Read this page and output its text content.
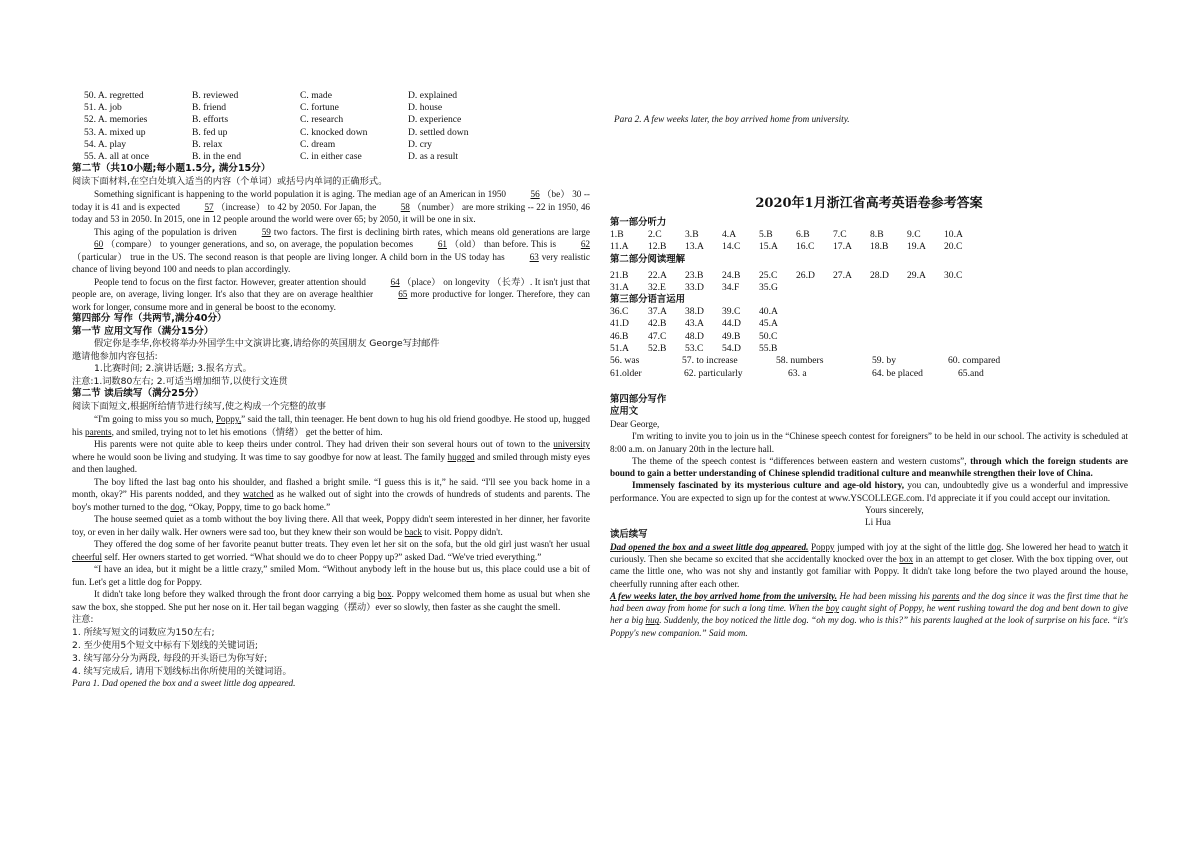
50. A. regretted	B. reviewed	C. made	D. explained
51. A. job	B. friend	C. fortune	D. house
52. A. memories	B. efforts	C. research	D. experience
53. A. mixed up	B. fed up	C. knocked down	D. settled down
54. A. play	B. relax	C. dream	D. cry
55. A. all at once	B. in the end	C. in either case	D. as a result

第二节（共10小题;每小题1.5分, 满分15分）

阅读下面材料,在空白处填入适当的内容（个单词）或括号内单词的正确形式。

Something significant is happening to the world population it is aging. The median age of an American in 1950 56 （be） 30 -- today it is 41 and is expected 57 （increase） to 42 by 2050. For Japan, the 58 （number） are more striking -- 22 in 1950, 46 today and 53 in 2050. In 2015, one in 12 people around the world were over 65; by 2050, it will be one in six.

This aging of the population is driven 59 two factors. The first is declining birth rates, which means old generations are large 60 （compare） to younger generations, and so, on average, the population becomes 61 （old） than before. This is 62 （particular） true in the US. The second reason is that people are living longer. A child born in the US today has 63 very realistic chance of living beyond 100 and needs to plan accordingly.

People tend to focus on the first factor. However, greater attention should 64 （place） on longevity （长寿）. It isn't just that people are, on average, living longer. It's also that they are on average healthier 65 more productive for longer. Therefore, they can work for longer, consume more and in general be boost to the economy.

第四部分 写作（共两节,满分40分）

第一节 应用文写作（满分15分）

假定你是李华,你校将举办外国学生中文演讲比赛,请给你的英国朋友 George写封邮件

邀请他参加内容包括:

1.比赛时间; 2.演讲话题; 3.报名方式。

注意:1.词数80左右; 2.可适当增加细节,以使行文连贯

第二节 读后续写（满分25分）

阅读下面短文,根据所给情节进行续写,使之构成一个完整的故事

“I'm going to miss you so much, Poppy,” said the tall, thin teenager. He bent down to hug his old friend goodbye. He stood up, hugged his parents, and smiled, trying not to let his emotions（情绪） get the better of him.

His parents were not quite able to keep theirs under control. They had driven their son several hours out of town to the university where he would soon be living and studying. It was time to say goodbye for now at least. The family hugged and smiled through misty eyes and then laughed.

The boy lifted the last bag onto his shoulder, and flashed a bright smile. “I guess this is it,” he said. “I'll see you back home in a month, okay?” His parents nodded, and they watched as he walked out of sight into the crowds of hundreds of students and parents. The boy's mother turned to the dog, “Okay, Poppy, time to go back home.”

The house seemed quiet as a tomb without the boy living there. All that week, Poppy didn't seem interested in her dinner, her favorite toy, or even in her daily walk. Her owners were sad too, but they knew their son would be back to visit. Poppy didn't.

They offered the dog some of her favorite peanut butter treats. They even let her sit on the sofa, but the old girl just wasn't her usual cheerful self. Her owners started to get worried. “What should we do to cheer Poppy up?” asked Dad. “We've tried everything.”

“I have an idea, but it might be a little crazy,” smiled Mom. “Without anybody left in the house but us, this place could use a bit of fun. Let's get a little dog for Poppy.

It didn't take long before they walked through the front door carrying a big box. Poppy welcomed them home as usual but when she saw the box, she stopped. She put her nose on it. Her tail began wagging（摆动）ever so slowly, then faster as she caught the smell.

注意:

1. 所续写短文的词数应为150左右;

2. 至少使用5个短文中标有下划线的关键词语;

3. 续写部分分为两段, 每段的开头语已为你写好;

4. 续写完成后, 请用下划线标出你所使用的关键词语。

Para 1. Dad opened the box and a sweet little dog appeared.

Para 2. A few weeks later, the boy arrived home from university.

2020年1月浙江省高考英语卷参考答案

第一部分听力

1.B	2.C	3.B	4.A	5.B	6.B	7.C	8.B	9.C	10.A
11.A	12.B	13.A	14.C	15.A	16.C	17.A	18.B	19.A	20.C

第二部分阅读理解

21.B	22.A	23.B	24.B	25.C	26.D	27.A	28.D	29.A	30.C
31.A	32.E	33.D	34.F	35.G

第三部分语言运用

36.C	37.A	38.D	39.C	40.A
41.D	42.B	43.A	44.D	45.A
46.B	47.C	48.D	49.B	50.C
51.A	52.B	53.C	54.D	55.B
56. was	57. to increase	58. numbers	59. by	60. compared
61.older	62. particularly	63. a	64. be placed	65.and

第四部分写作

应用文

Dear George,

I'm writing to invite you to join us in the “Chinese speech contest for foreigners” to be held in our school. The activity is scheduled at 8:00 a.m. on January 20th in the lecture hall.

The theme of the speech contest is “differences between eastern and western customs”, through which the foreign students are bound to gain a better understanding of Chinese splendid traditional culture and meanwhile strengthen their love of China.

Immensely fascinated by its mysterious culture and age-old history, you can, undoubtedly give us a wonderful and impressive performance. You are expected to sign up for the contest at www.YSCOLLEGE.com. I'd appreciate it if you could accept our invitation.

Yours sincerely,

Li Hua

读后续写

Dad opened the box and a sweet little dog appeared. Poppy jumped with joy at the sight of the little dog. She lowered her head to watch it curiously. Then she became so excited that she accidentally knocked over the box in an attempt to get closer. With the box tipping over, out came the little one, who was not shy and instantly got familiar with Poppy. It didn't take long before the two played around the house, cheerfully running after each other.

A few weeks later, the boy arrived home from the university. He had been missing his parents and the dog since it was the first time that he had been away from home for such a long time. When the boy caught sight of Poppy, he went rushing toward the dog and bent down to give her a big hug. Suddenly, the boy noticed the little dog. “oh my dog. who is this?” his parents laughed at the look of surprise on his face. “it's Poppy's new companion.” Said mom.
